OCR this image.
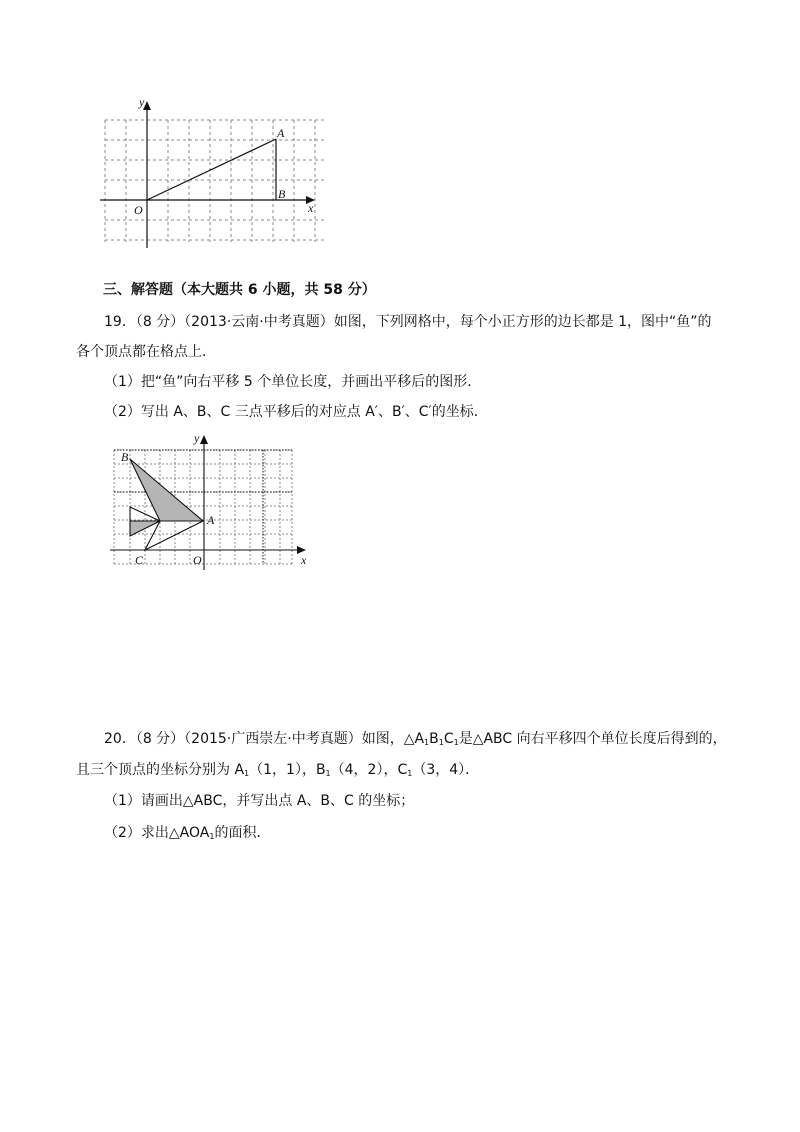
y
x
O
A
B
三、解答题（本大题共 6 小题，共 58 分）
19．（8 分）（2013·云南·中考真题）如图，下列网格中，每个小正方形的边长都是 1，图中“鱼”的
各个顶点都在格点上．
（1）把“鱼”向右平移 5 个单位长度，并画出平移后的图形．
（2）写出 A、B、C 三点平移后的对应点 A′、B′、C′的坐标．
B
A
C	O
y
x
20．（8 分）（2015·广西崇左·中考真题）如图，$\triangle A_1B_1C_1$是△ABC 向右平移四个单位长度后得到的，
且三个顶点的坐标分别为 $A_1(1$，1），$B_1(4$，2），$C_1(3$，4）．
（1）请画出△ABC，并写出点 A、B、C 的坐标；
（2）求出$\triangle AOA_1$的面积．
